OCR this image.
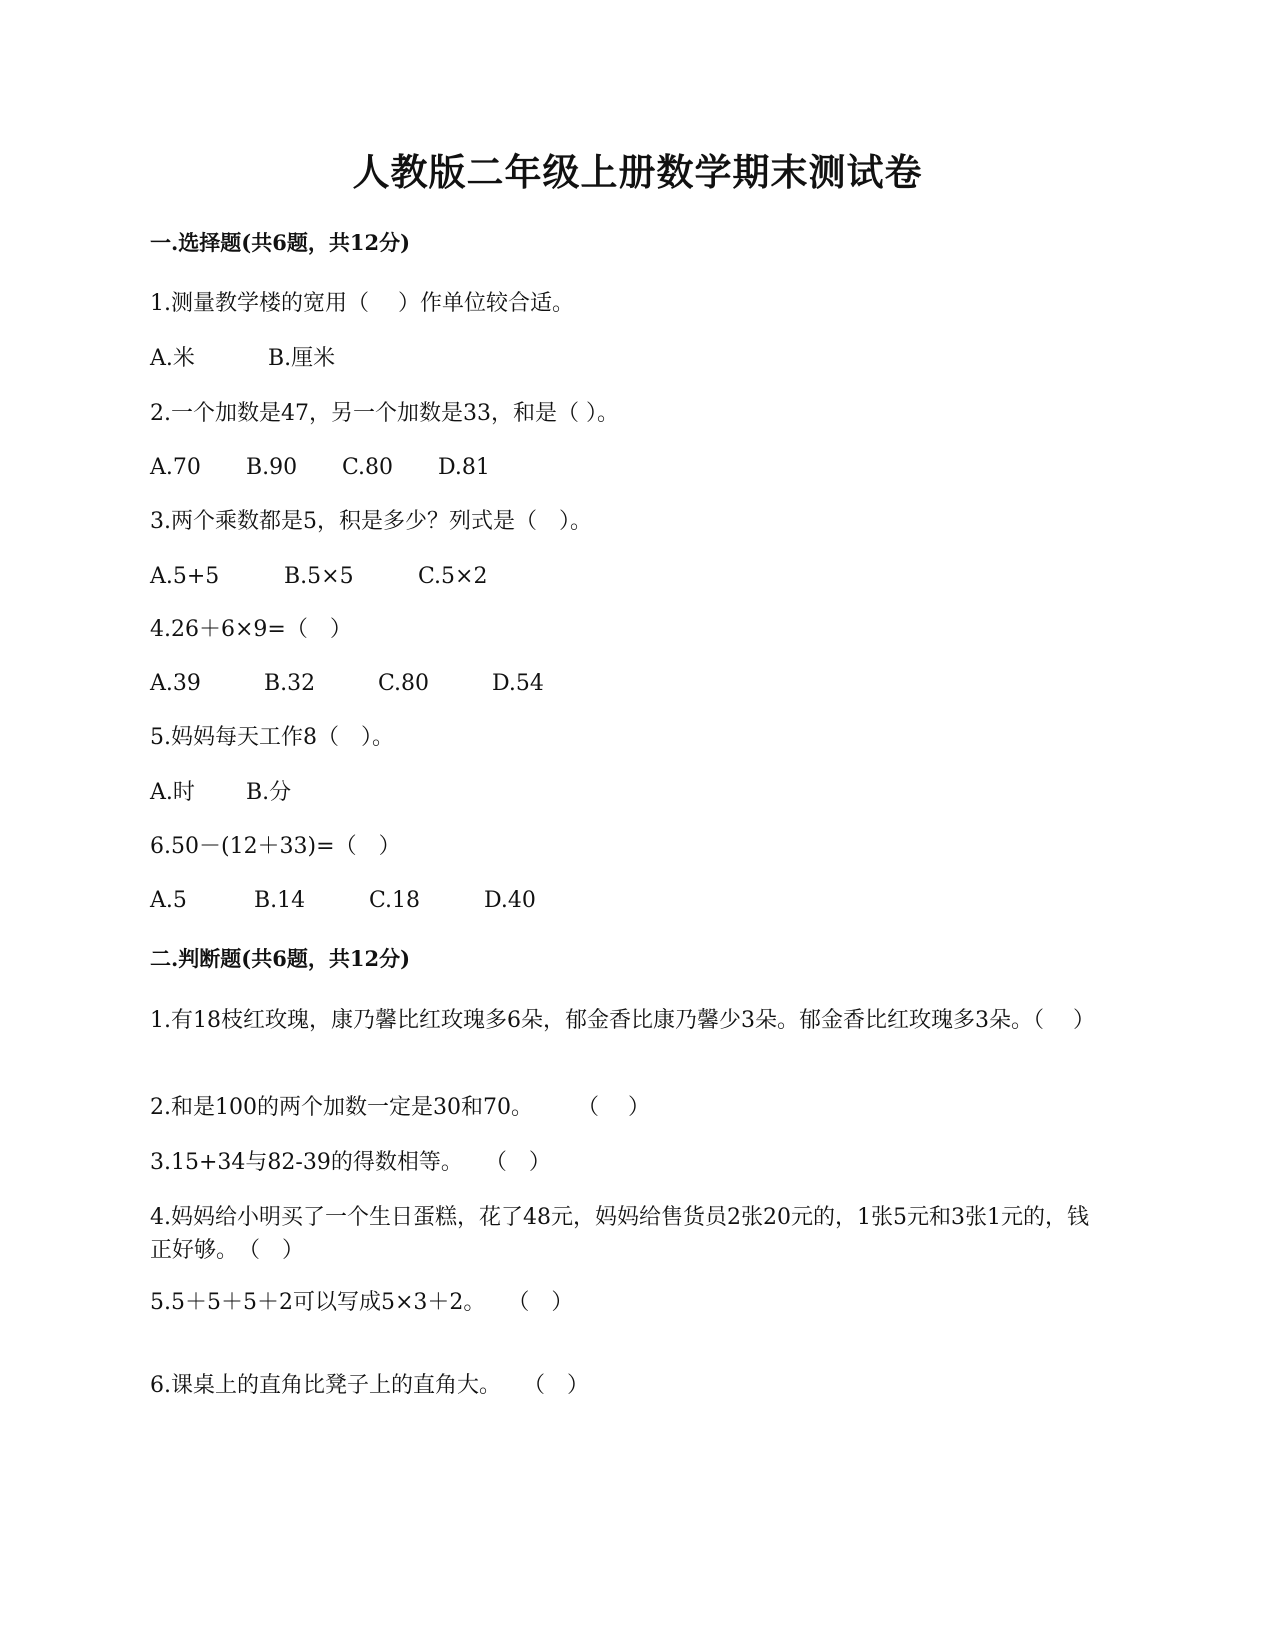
人教版二年级上册数学期末测试卷
一.选择题(共6题，共12分)
1.测量教学楼的宽用（　 ）作单位较合适。
A.米	B.厘米
2.一个加数是47，另一个加数是33，和是（ ）。
A.70 B.90 C.80 D.81
3.两个乘数都是5，积是多少？列式是（　）。
A.5+5	B.5×5	C.5×2
4.26＋6×9=（　）
A.39	B.32	C.80	D.54
5.妈妈每天工作8（　）。
A.时 B.分
6.50－(12＋33)=（　）
A.5	B.14	C.18	D.40
二.判断题(共6题，共12分)
1.有18枝红玫瑰，康乃馨比红玫瑰多6朵，郁金香比康乃馨少3朵。郁金香比红玫瑰多3朵。（　 ）
2.和是100的两个加数一定是30和70。　　　（　 ）
3.15+34与82-39的得数相等。　　（　）
4.妈妈给小明买了一个生日蛋糕，花了48元，妈妈给售货员2张20元的，1张5元和3张1元的，钱正好够。　（　）
5.5＋5＋5＋2可以写成5×3＋2。　　（　）
6.课桌上的直角比凳子上的直角大。　　（　）
